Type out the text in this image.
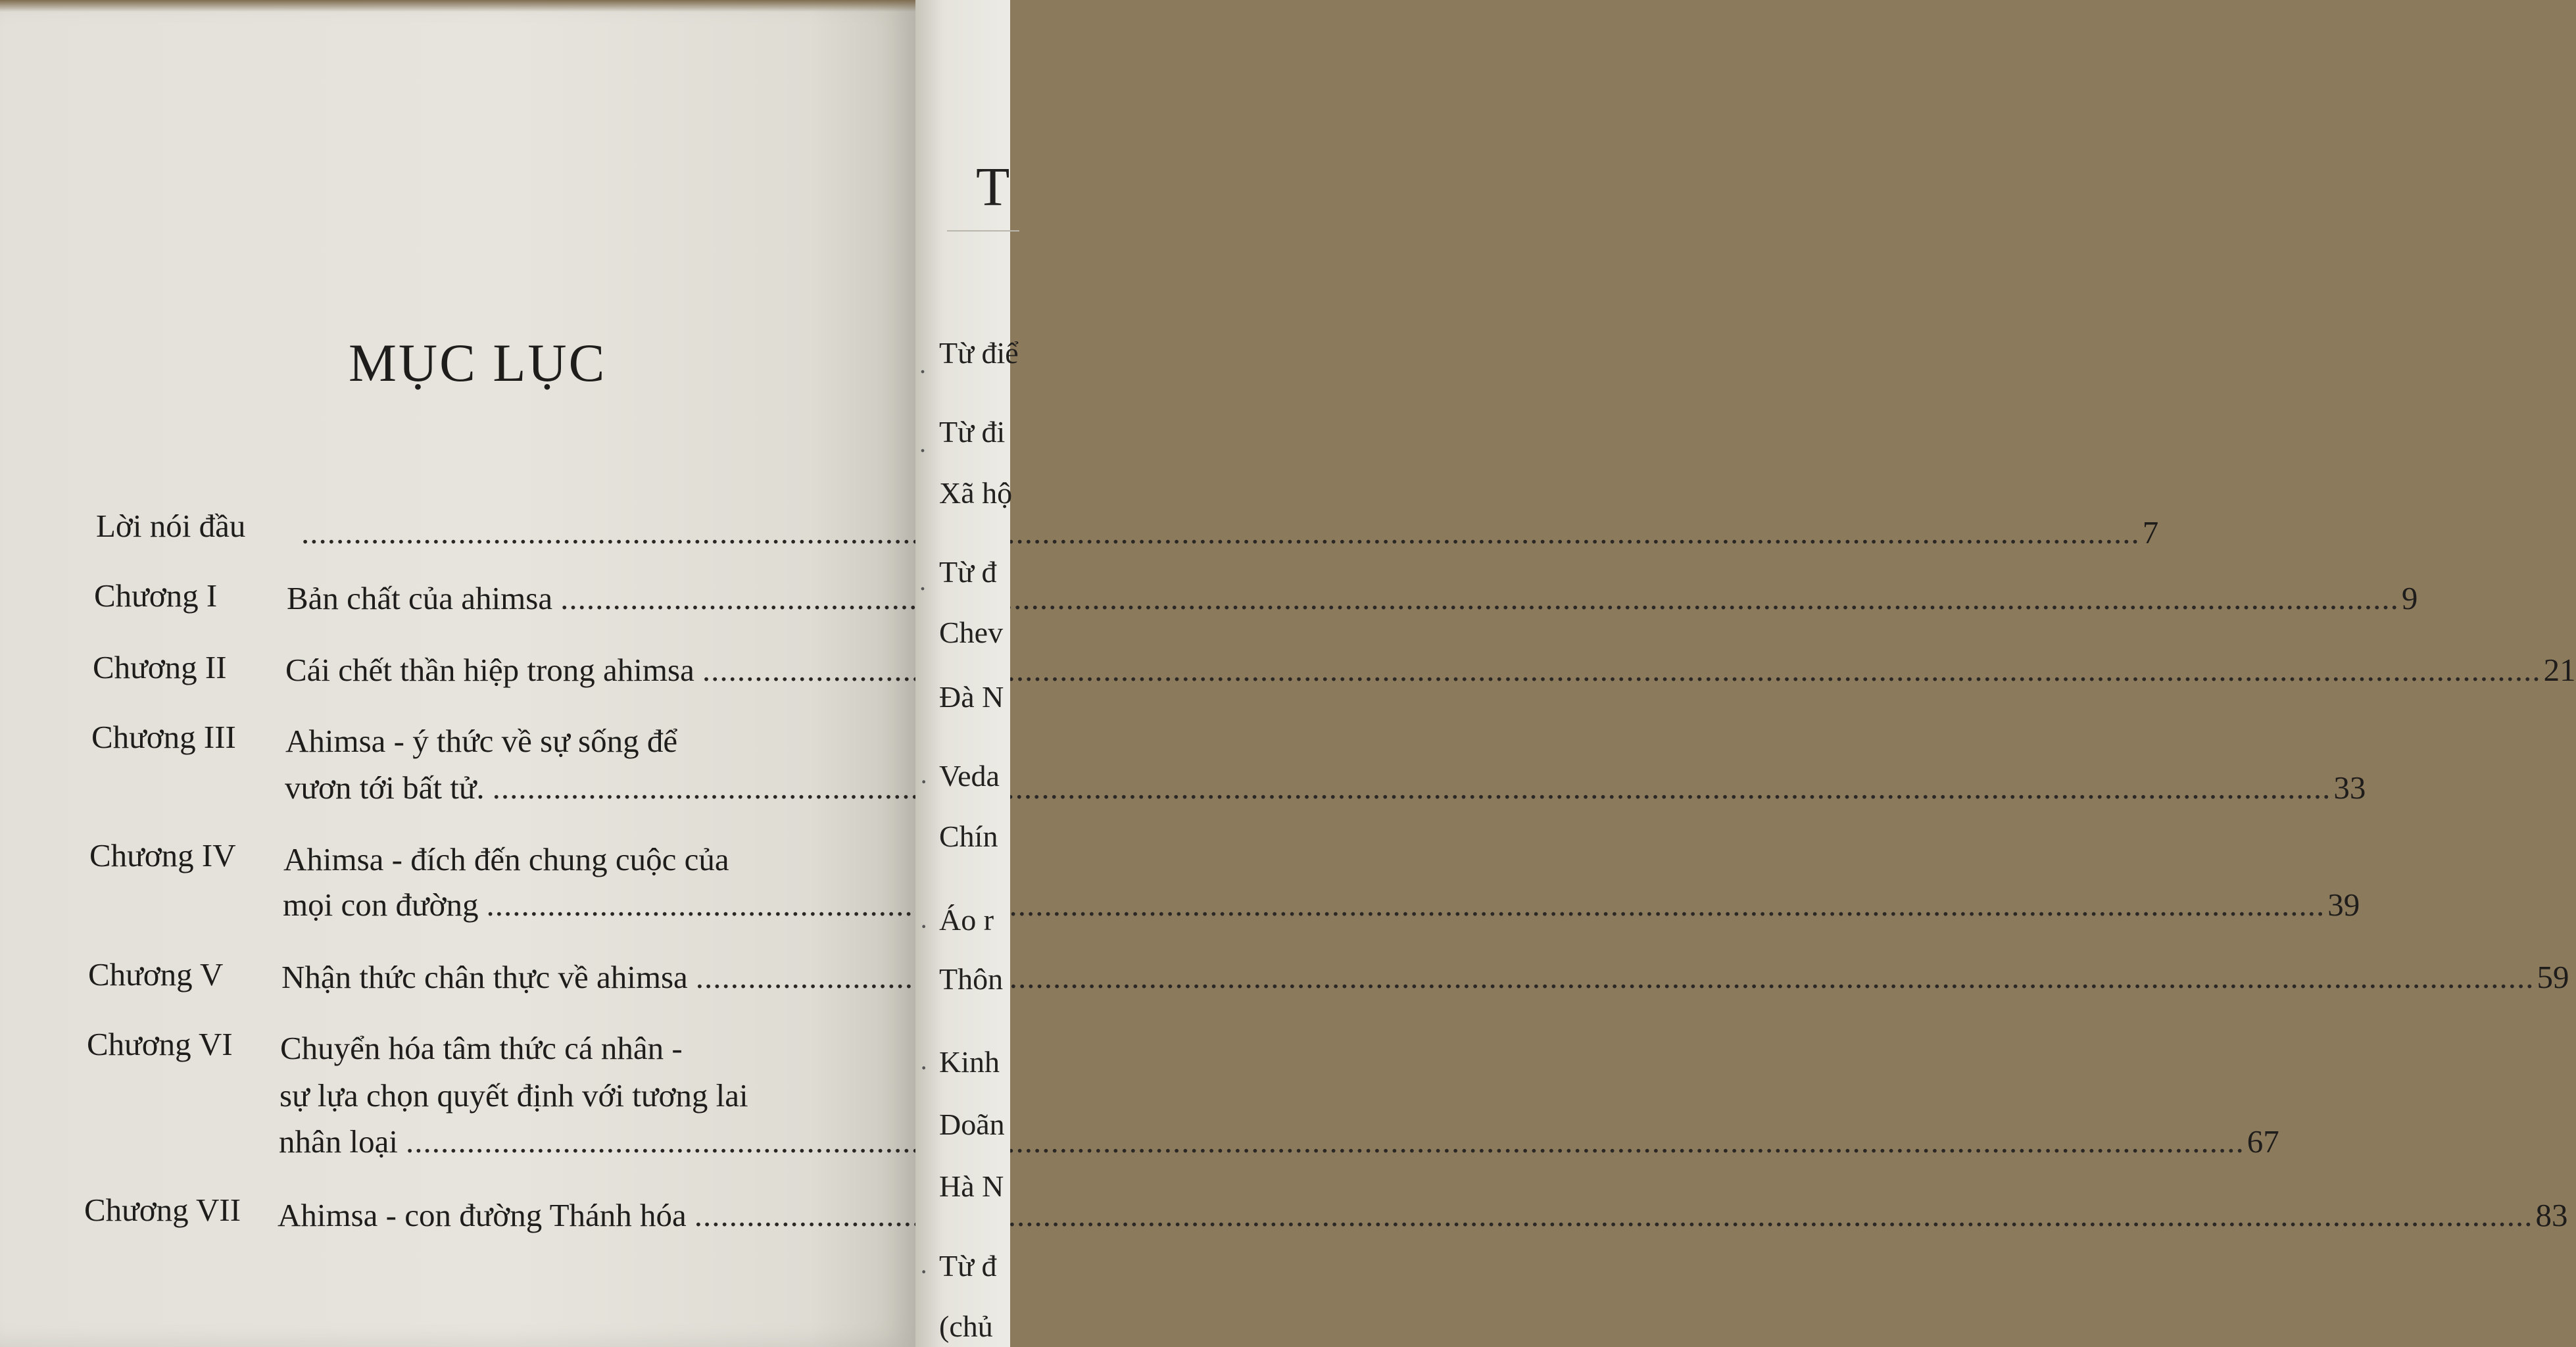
MỤC LỤC
Lời nói đầu .....	7
Chương I Bản chất của ahimsa .....	9
Chương II Cái chết thần hiệp trong ahimsa .....	21
Chương III Ahimsa - ý thức về sự sống để
vươn tới bất tử. .....	33
Chương IV Ahimsa - đích đến chung cuộc của
mọi con đường .....	39
Chương V Nhận thức chân thực về ahimsa .....	59
Chương VI Chuyển hóa tâm thức cá nhân -
sự lựa chọn quyết định với tương lai
nhân loại .....	67
Chương VII Ahimsa - con đường Thánh hóa .....	83
T
. Từ điể
. Từ đi
Xã hộ
. Từ đ
Chev
Đà N
· Veda
Chín
· Áo r
Thôn
· Kinh
Doãn
Hà N
· Từ đ
(chủ
